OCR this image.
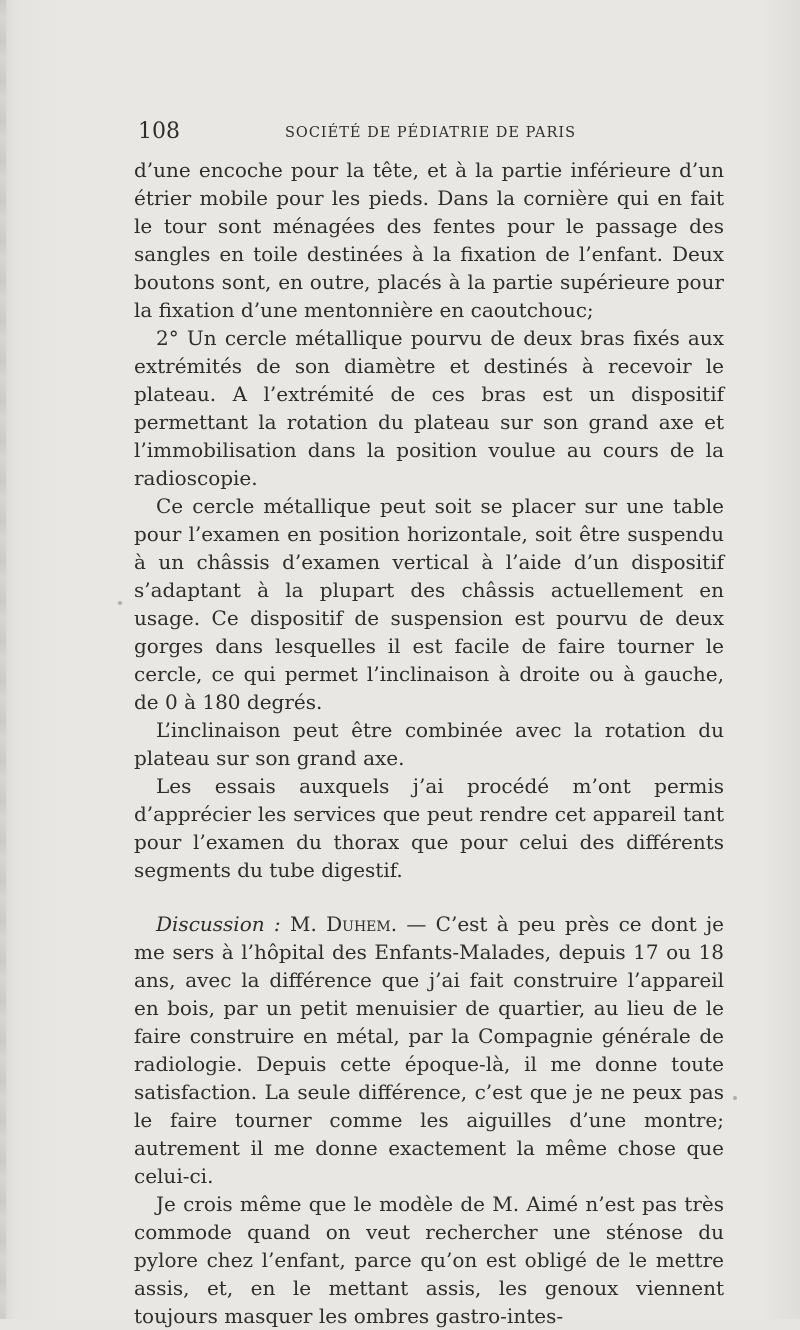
108	SOCIÉTÉ DE PÉDIATRIE DE PARIS

d’une encoche pour la tête, et à la partie inférieure d’un étrier mobile pour les pieds. Dans la cornière qui en fait le tour sont ménagées des fentes pour le passage des sangles en toile destinées à la fixation de l’enfant. Deux boutons sont, en outre, placés à la partie supérieure pour la fixation d’une mentonnière en caoutchouc;

2° Un cercle métallique pourvu de deux bras fixés aux extrémités de son diamètre et destinés à recevoir le plateau. A l’extrémité de ces bras est un dispositif permettant la rotation du plateau sur son grand axe et l’immobilisation dans la position voulue au cours de la radioscopie.

Ce cercle métallique peut soit se placer sur une table pour l’examen en position horizontale, soit être suspendu à un châssis d’examen vertical à l’aide d’un dispositif s’adaptant à la plupart des châssis actuellement en usage. Ce dispositif de suspension est pourvu de deux gorges dans lesquelles il est facile de faire tourner le cercle, ce qui permet l’inclinaison à droite ou à gauche, de 0 à 180 degrés.

L’inclinaison peut être combinée avec la rotation du plateau sur son grand axe.

Les essais auxquels j’ai procédé m’ont permis d’apprécier les services que peut rendre cet appareil tant pour l’examen du thorax que pour celui des différents segments du tube digestif.

Discussion : M. Duhem. — C’est à peu près ce dont je me sers à l’hôpital des Enfants-Malades, depuis 17 ou 18 ans, avec la différence que j’ai fait construire l’appareil en bois, par un petit menuisier de quartier, au lieu de le faire construire en métal, par la Compagnie générale de radiologie. Depuis cette époque-là, il me donne toute satisfaction. La seule différence, c’est que je ne peux pas le faire tourner comme les aiguilles d’une montre; autrement il me donne exactement la même chose que celui-ci.

Je crois même que le modèle de M. Aimé n’est pas très commode quand on veut rechercher une sténose du pylore chez l’enfant, parce qu’on est obligé de le mettre assis, et, en le mettant assis, les genoux viennent toujours masquer les ombres gastro-intes-
